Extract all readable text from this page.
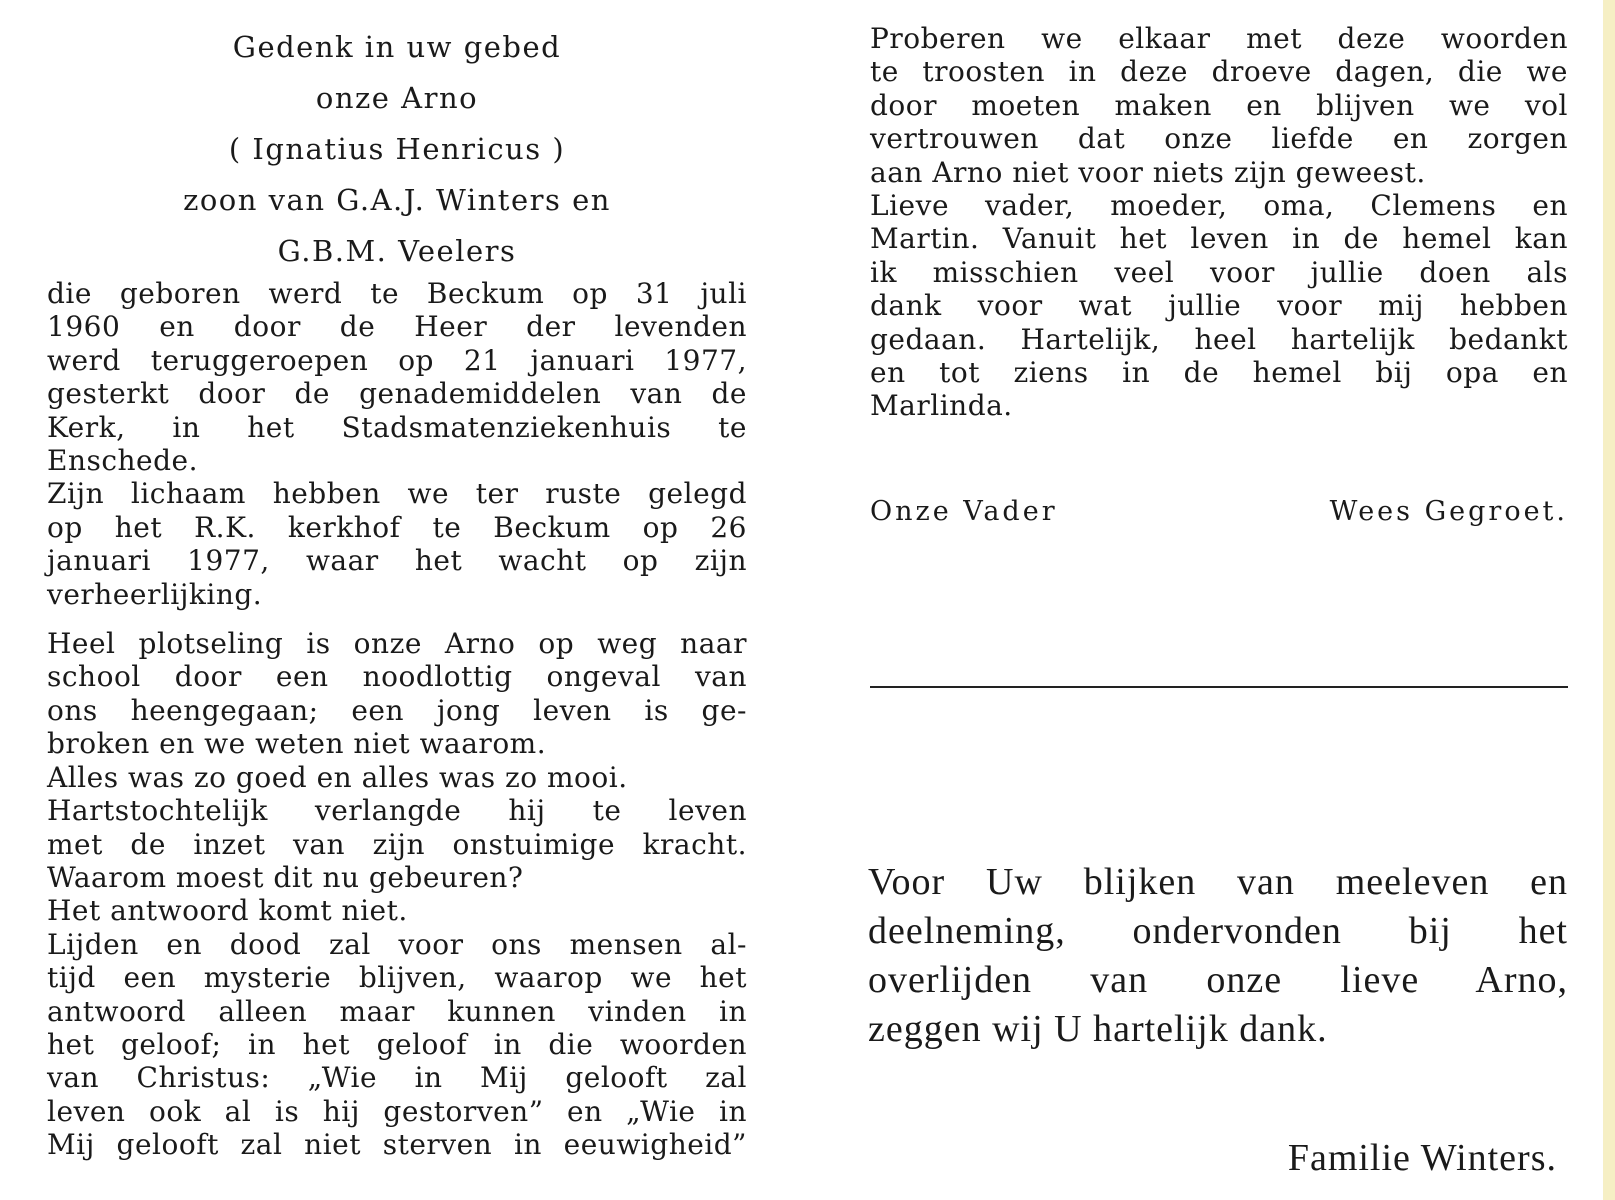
Gedenk in uw gebed
onze Arno
( Ignatius Henricus )
zoon van G.A.J. Winters en
G.B.M. Veelers
die geboren werd te Beckum op 31 juli
1960 en door de Heer der levenden
werd teruggeroepen op 21 januari 1977,
gesterkt door de genademiddelen van de
Kerk, in het Stadsmatenziekenhuis te
Enschede.
Zijn lichaam hebben we ter ruste gelegd
op het R.K. kerkhof te Beckum op 26
januari 1977, waar het wacht op zijn
verheerlijking.
Heel plotseling is onze Arno op weg naar
school door een noodlottig ongeval van
ons heengegaan; een jong leven is ge-
broken en we weten niet waarom.
Alles was zo goed en alles was zo mooi.
Hartstochtelijk verlangde hij te leven
met de inzet van zijn onstuimige kracht.
Waarom moest dit nu gebeuren?
Het antwoord komt niet.
Lijden en dood zal voor ons mensen al-
tijd een mysterie blijven, waarop we het
antwoord alleen maar kunnen vinden in
het geloof; in het geloof in die woorden
van Christus: „Wie in Mij gelooft zal
leven ook al is hij gestorven” en „Wie in
Mij gelooft zal niet sterven in eeuwigheid”
Proberen we elkaar met deze woorden
te troosten in deze droeve dagen, die we
door moeten maken en blijven we vol
vertrouwen dat onze liefde en zorgen
aan Arno niet voor niets zijn geweest.
Lieve vader, moeder, oma, Clemens en
Martin. Vanuit het leven in de hemel kan
ik misschien veel voor jullie doen als
dank voor wat jullie voor mij hebben
gedaan. Hartelijk, heel hartelijk bedankt
en tot ziens in de hemel bij opa en
Marlinda.
Onze Vader	Wees Gegroet.
Voor Uw blijken van meeleven en
deelneming, ondervonden bij het
overlijden van onze lieve Arno,
zeggen wij U hartelijk dank.
Familie Winters.
